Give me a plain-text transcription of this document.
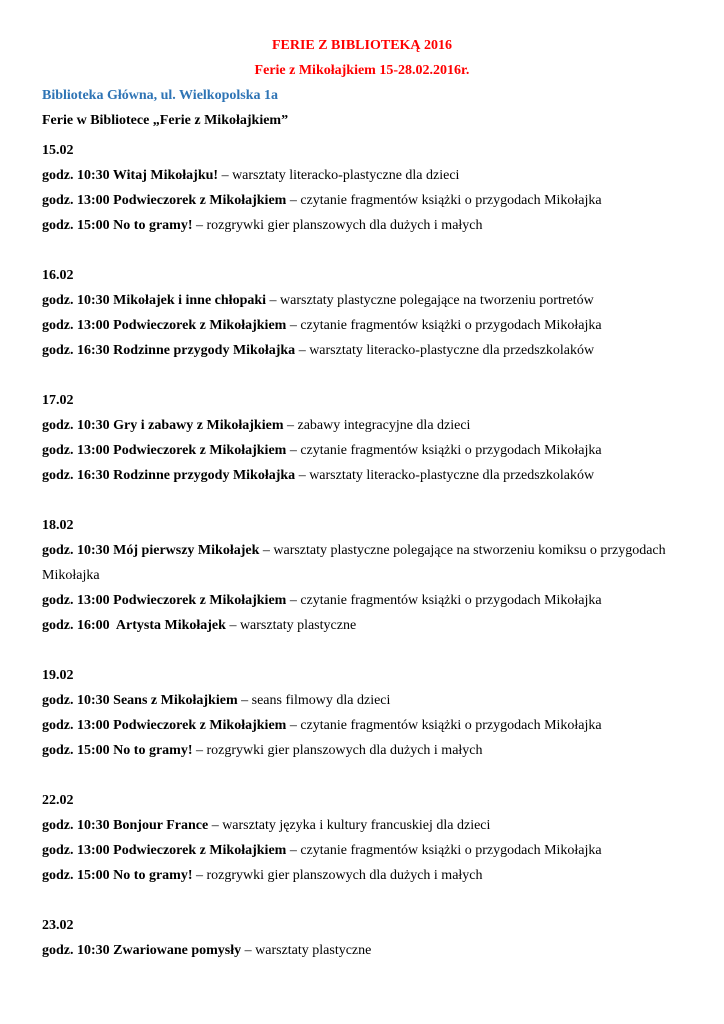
FERIE Z BIBLIOTEKĄ 2016
Ferie z Mikołajkiem 15-28.02.2016r.
Biblioteka Główna, ul. Wielkopolska 1a
Ferie w Bibliotece „Ferie z Mikołajkiem”
15.02
godz. 10:30 Witaj Mikołajku! – warsztaty literacko-plastyczne dla dzieci
godz. 13:00 Podwieczorek z Mikołajkiem – czytanie fragmentów książki o przygodach Mikołajka
godz. 15:00 No to gramy! – rozgrywki gier planszowych dla dużych i małych
16.02
godz. 10:30 Mikołajek i inne chłopaki – warsztaty plastyczne polegające na tworzeniu portretów
godz. 13:00 Podwieczorek z Mikołajkiem – czytanie fragmentów książki o przygodach Mikołajka
godz. 16:30 Rodzinne przygody Mikołajka – warsztaty literacko-plastyczne dla przedszkolaków
17.02
godz. 10:30 Gry i zabawy z Mikołajkiem – zabawy integracyjne dla dzieci
godz. 13:00 Podwieczorek z Mikołajkiem – czytanie fragmentów książki o przygodach Mikołajka
godz. 16:30 Rodzinne przygody Mikołajka – warsztaty literacko-plastyczne dla przedszkolaków
18.02
godz. 10:30 Mój pierwszy Mikołajek – warsztaty plastyczne polegające na stworzeniu komiksu o przygodach Mikołajka
godz. 13:00 Podwieczorek z Mikołajkiem – czytanie fragmentów książki o przygodach Mikołajka
godz. 16:00  Artysta Mikołajek – warsztaty plastyczne
19.02
godz. 10:30 Seans z Mikołajkiem – seans filmowy dla dzieci
godz. 13:00 Podwieczorek z Mikołajkiem – czytanie fragmentów książki o przygodach Mikołajka
godz. 15:00 No to gramy! – rozgrywki gier planszowych dla dużych i małych
22.02
godz. 10:30 Bonjour France – warsztaty języka i kultury francuskiej dla dzieci
godz. 13:00 Podwieczorek z Mikołajkiem – czytanie fragmentów książki o przygodach Mikołajka
godz. 15:00 No to gramy! – rozgrywki gier planszowych dla dużych i małych
23.02
godz. 10:30 Zwariowane pomysły – warsztaty plastyczne
